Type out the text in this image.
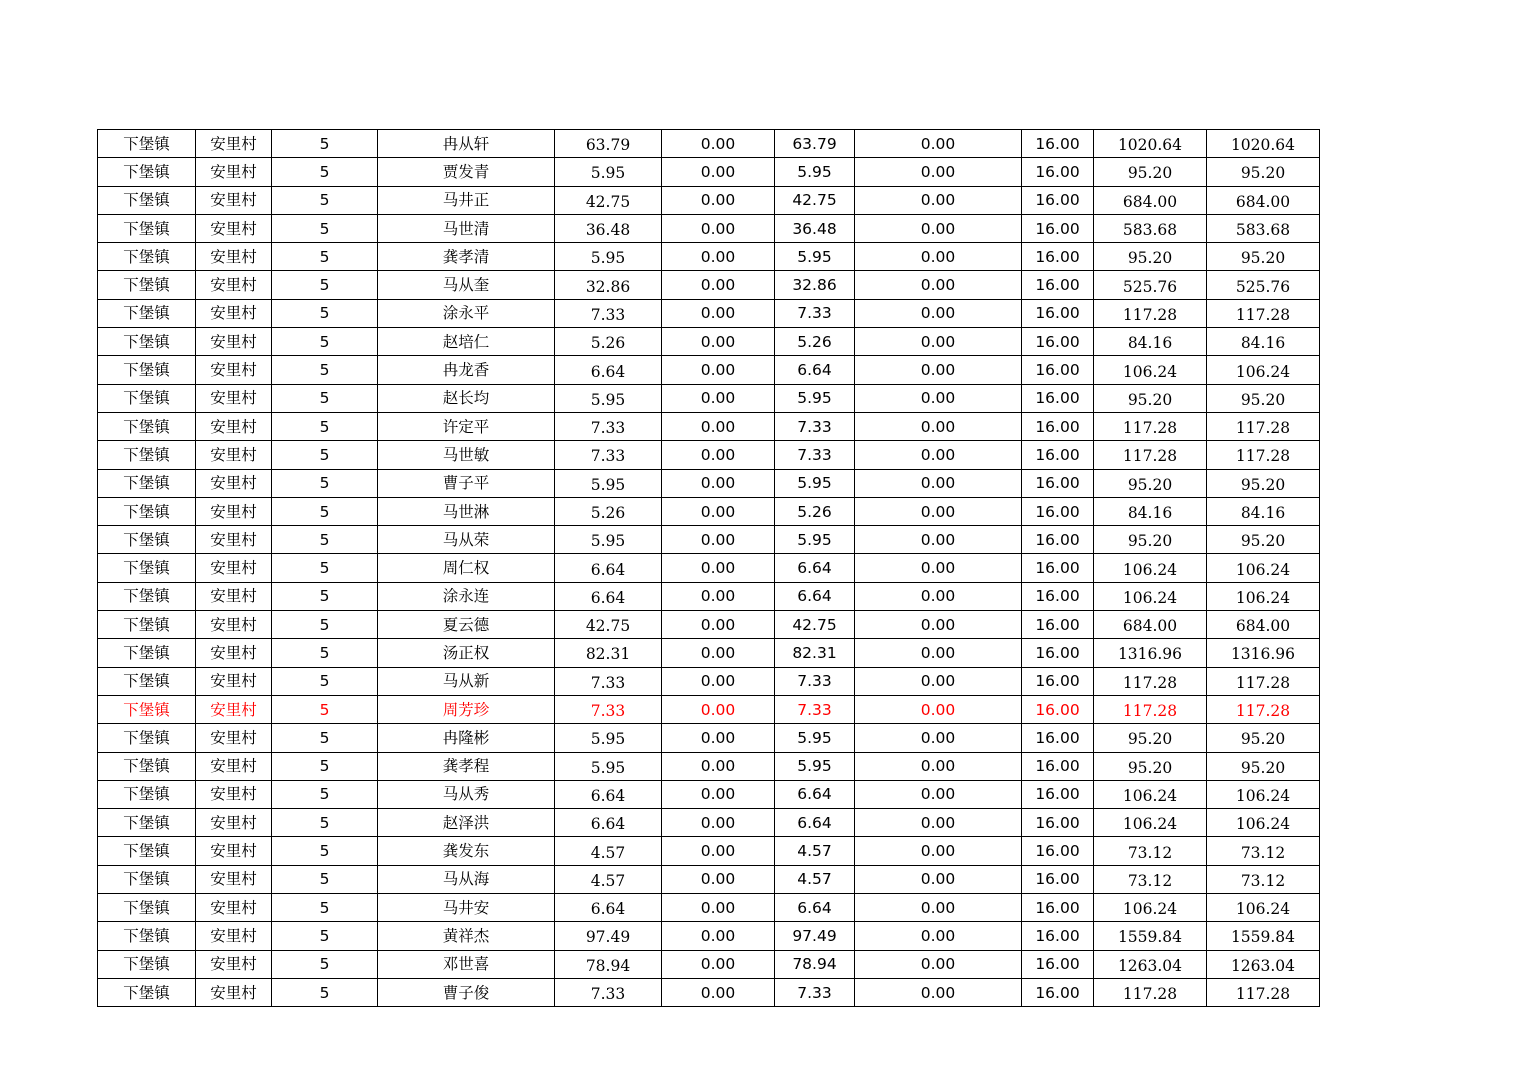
下堡镇	安里村	5	冉从轩	63.79	0.00	63.79	0.00	16.00	1020.64	1020.64
下堡镇	安里村	5	贾发青	5.95	0.00	5.95	0.00	16.00	95.20	95.20
下堡镇	安里村	5	马井正	42.75	0.00	42.75	0.00	16.00	684.00	684.00
下堡镇	安里村	5	马世清	36.48	0.00	36.48	0.00	16.00	583.68	583.68
下堡镇	安里村	5	龚孝清	5.95	0.00	5.95	0.00	16.00	95.20	95.20
下堡镇	安里村	5	马从奎	32.86	0.00	32.86	0.00	16.00	525.76	525.76
下堡镇	安里村	5	涂永平	7.33	0.00	7.33	0.00	16.00	117.28	117.28
下堡镇	安里村	5	赵培仁	5.26	0.00	5.26	0.00	16.00	84.16	84.16
下堡镇	安里村	5	冉龙香	6.64	0.00	6.64	0.00	16.00	106.24	106.24
下堡镇	安里村	5	赵长均	5.95	0.00	5.95	0.00	16.00	95.20	95.20
下堡镇	安里村	5	许定平	7.33	0.00	7.33	0.00	16.00	117.28	117.28
下堡镇	安里村	5	马世敏	7.33	0.00	7.33	0.00	16.00	117.28	117.28
下堡镇	安里村	5	曹子平	5.95	0.00	5.95	0.00	16.00	95.20	95.20
下堡镇	安里村	5	马世淋	5.26	0.00	5.26	0.00	16.00	84.16	84.16
下堡镇	安里村	5	马从荣	5.95	0.00	5.95	0.00	16.00	95.20	95.20
下堡镇	安里村	5	周仁权	6.64	0.00	6.64	0.00	16.00	106.24	106.24
下堡镇	安里村	5	涂永连	6.64	0.00	6.64	0.00	16.00	106.24	106.24
下堡镇	安里村	5	夏云德	42.75	0.00	42.75	0.00	16.00	684.00	684.00
下堡镇	安里村	5	汤正权	82.31	0.00	82.31	0.00	16.00	1316.96	1316.96
下堡镇	安里村	5	马从新	7.33	0.00	7.33	0.00	16.00	117.28	117.28
下堡镇	安里村	5	周芳珍	7.33	0.00	7.33	0.00	16.00	117.28	117.28
下堡镇	安里村	5	冉隆彬	5.95	0.00	5.95	0.00	16.00	95.20	95.20
下堡镇	安里村	5	龚孝程	5.95	0.00	5.95	0.00	16.00	95.20	95.20
下堡镇	安里村	5	马从秀	6.64	0.00	6.64	0.00	16.00	106.24	106.24
下堡镇	安里村	5	赵泽洪	6.64	0.00	6.64	0.00	16.00	106.24	106.24
下堡镇	安里村	5	龚发东	4.57	0.00	4.57	0.00	16.00	73.12	73.12
下堡镇	安里村	5	马从海	4.57	0.00	4.57	0.00	16.00	73.12	73.12
下堡镇	安里村	5	马井安	6.64	0.00	6.64	0.00	16.00	106.24	106.24
下堡镇	安里村	5	黄祥杰	97.49	0.00	97.49	0.00	16.00	1559.84	1559.84
下堡镇	安里村	5	邓世喜	78.94	0.00	78.94	0.00	16.00	1263.04	1263.04
下堡镇	安里村	5	曹子俊	7.33	0.00	7.33	0.00	16.00	117.28	117.28
